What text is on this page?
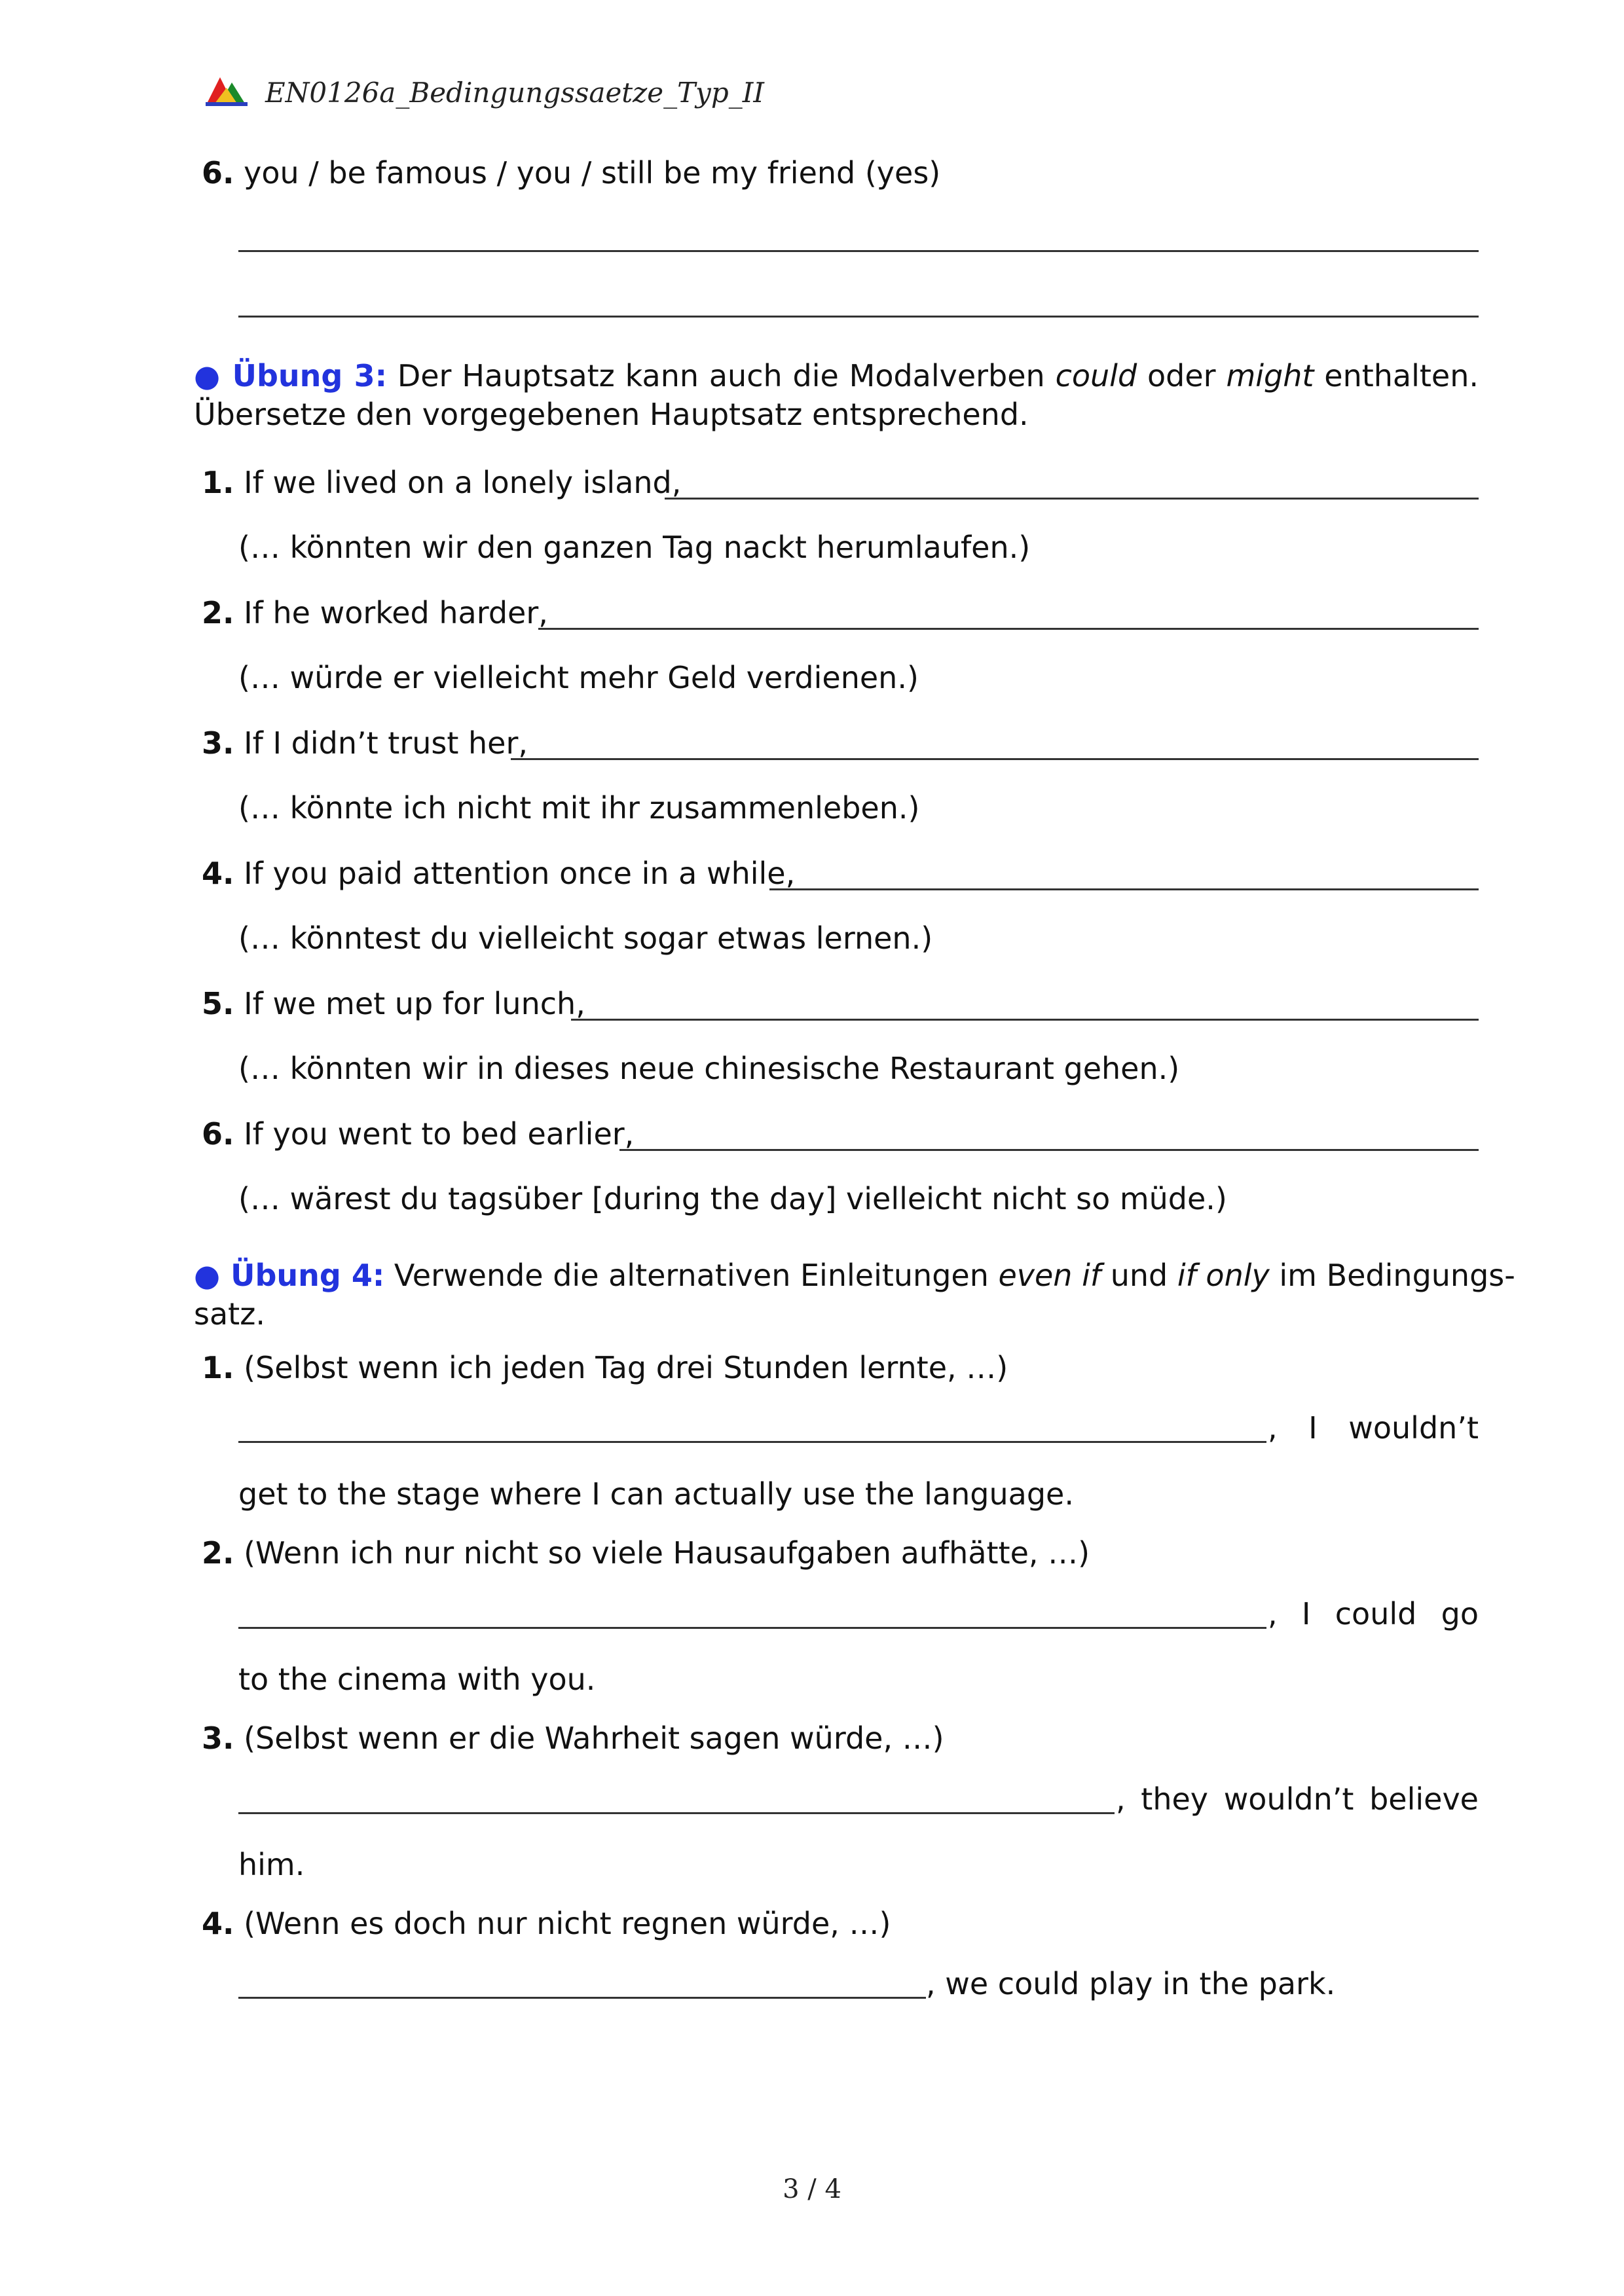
EN0126a_Bedingungssaetze_Typ_II
6. you / be famous / you / still be my friend (yes)
● Übung 3: Der Hauptsatz kann auch die Modalverben could oder might enthalten.
Übersetze den vorgegebenen Hauptsatz entsprechend.
1. If we lived on a lonely island,
(… könnten wir den ganzen Tag nackt herumlaufen.)
2. If he worked harder,
(… würde er vielleicht mehr Geld verdienen.)
3. If I didn’t trust her,
(… könnte ich nicht mit ihr zusammenleben.)
4. If you paid attention once in a while,
(… könntest du vielleicht sogar etwas lernen.)
5. If we met up for lunch,
(… könnten wir in dieses neue chinesische Restaurant gehen.)
6. If you went to bed earlier,
(… wärest du tagsüber [during the day] vielleicht nicht so müde.)
● Übung 4: Verwende die alternativen Einleitungen even if und if only im Bedingungs-
satz.
1. (Selbst wenn ich jeden Tag drei Stunden lernte, …)
, I wouldn’t
get to the stage where I can actually use the language.
2. (Wenn ich nur nicht so viele Hausaufgaben aufhätte, …)
, I could go
to the cinema with you.
3. (Selbst wenn er die Wahrheit sagen würde, …)
, they wouldn’t believe
him.
4. (Wenn es doch nur nicht regnen würde, …)
, we could play in the park.
3 / 4
